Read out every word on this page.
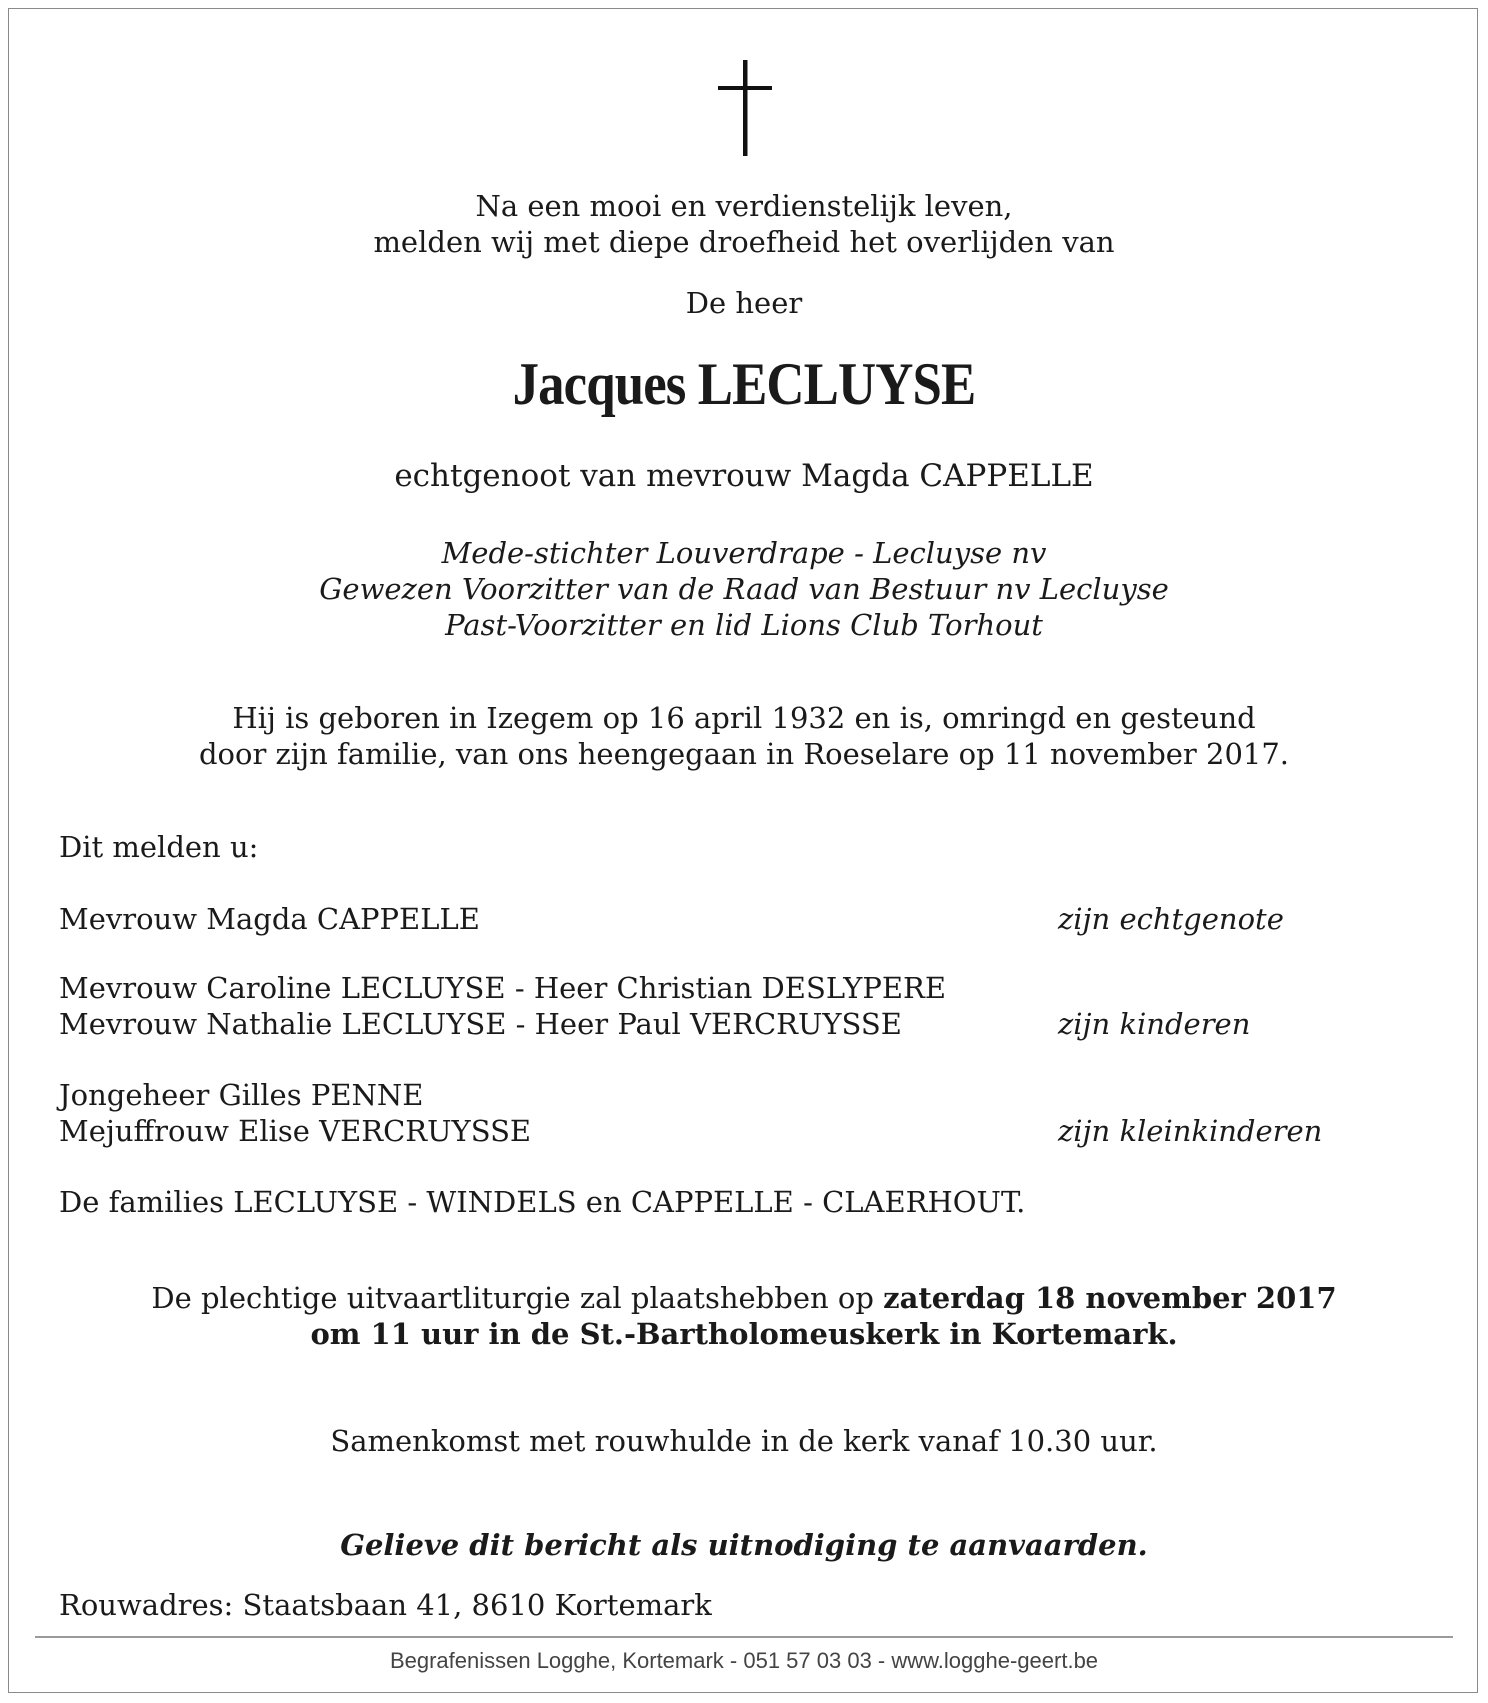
Na een mooi en verdienstelijk leven,
melden wij met diepe droefheid het overlijden van
De heer
Jacques LECLUYSE
echtgenoot van mevrouw Magda CAPPELLE
Mede-stichter Louverdrape - Lecluyse nv
Gewezen Voorzitter van de Raad van Bestuur nv Lecluyse
Past-Voorzitter en lid Lions Club Torhout
Hij is geboren in Izegem op 16 april 1932 en is, omringd en gesteund
door zijn familie, van ons heengegaan in Roeselare op 11 november 2017.
Dit melden u:
Mevrouw Magda CAPPELLE	zijn echtgenote
Mevrouw Caroline LECLUYSE - Heer Christian DESLYPERE
Mevrouw Nathalie LECLUYSE - Heer Paul VERCRUYSSE	zijn kinderen
Jongeheer Gilles PENNE
Mejuffrouw Elise VERCRUYSSE	zijn kleinkinderen
De families LECLUYSE - WINDELS en CAPPELLE - CLAERHOUT.
De plechtige uitvaartliturgie zal plaatshebben op zaterdag 18 november 2017
om 11 uur in de St.-Bartholomeuskerk in Kortemark.
Samenkomst met rouwhulde in de kerk vanaf 10.30 uur.
Gelieve dit bericht als uitnodiging te aanvaarden.
Rouwadres: Staatsbaan 41, 8610 Kortemark
Begrafenissen Logghe, Kortemark - 051 57 03 03 - www.logghe-geert.be
